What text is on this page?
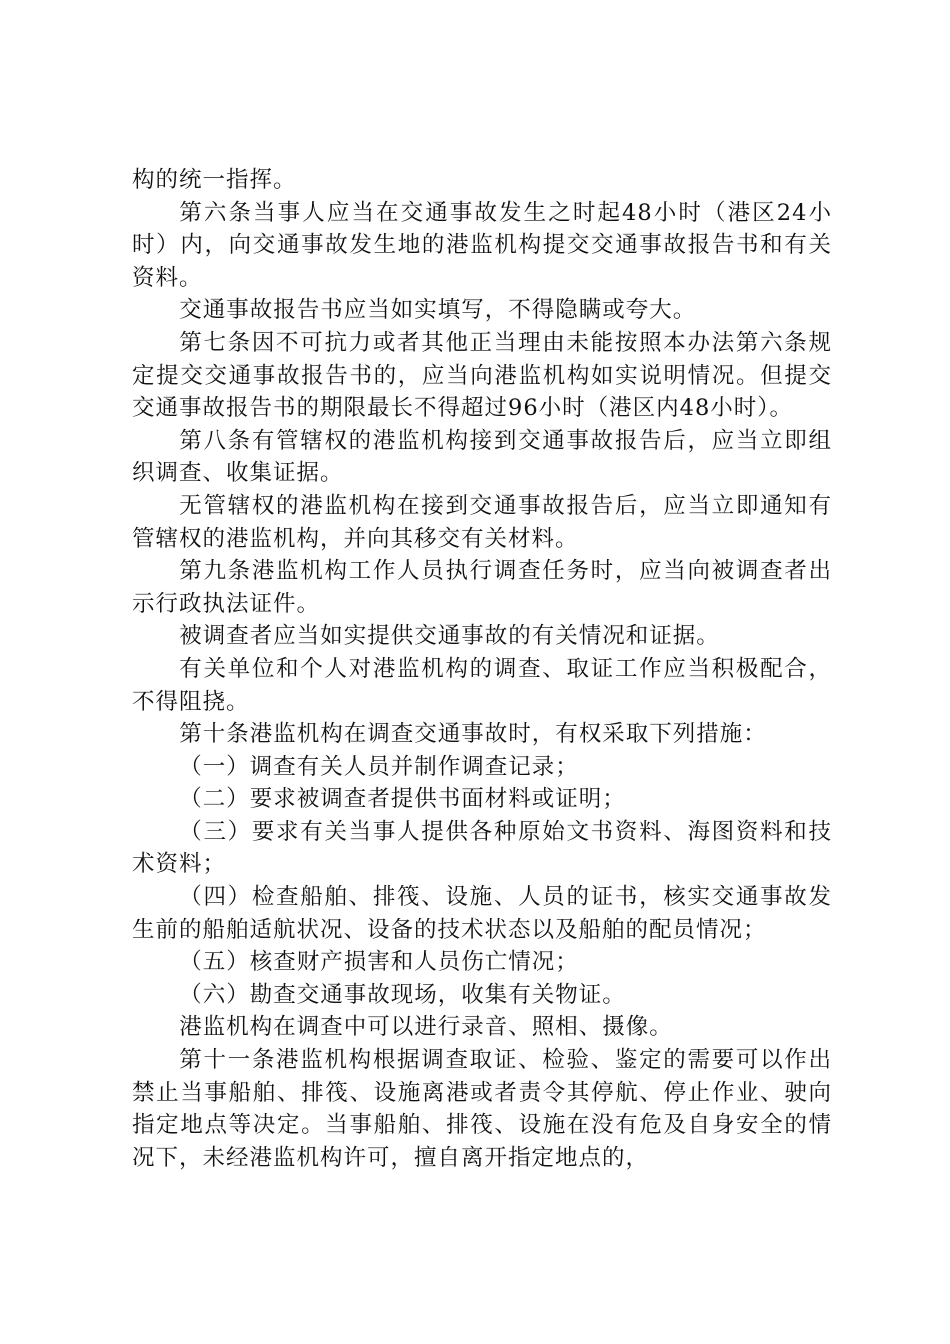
构的统一指挥。

第六条当事人应当在交通事故发生之时起48小时（港区24小时）内，向交通事故发生地的港监机构提交交通事故报告书和有关资料。

交通事故报告书应当如实填写，不得隐瞒或夸大。

第七条因不可抗力或者其他正当理由未能按照本办法第六条规定提交交通事故报告书的，应当向港监机构如实说明情况。但提交交通事故报告书的期限最长不得超过96小时（港区内48小时）。

第八条有管辖权的港监机构接到交通事故报告后，应当立即组织调查、收集证据。

无管辖权的港监机构在接到交通事故报告后，应当立即通知有管辖权的港监机构，并向其移交有关材料。

第九条港监机构工作人员执行调查任务时，应当向被调查者出示行政执法证件。

被调查者应当如实提供交通事故的有关情况和证据。

有关单位和个人对港监机构的调查、取证工作应当积极配合，不得阻挠。

第十条港监机构在调查交通事故时，有权采取下列措施：

（一）调查有关人员并制作调查记录；

（二）要求被调查者提供书面材料或证明；

（三）要求有关当事人提供各种原始文书资料、海图资料和技术资料；

（四）检查船舶、排筏、设施、人员的证书，核实交通事故发生前的船舶适航状况、设备的技术状态以及船舶的配员情况；

（五）核查财产损害和人员伤亡情况；

（六）勘查交通事故现场，收集有关物证。

港监机构在调查中可以进行录音、照相、摄像。

第十一条港监机构根据调查取证、检验、鉴定的需要可以作出禁止当事船舶、排筏、设施离港或者责令其停航、停止作业、驶向指定地点等决定。当事船舶、排筏、设施在没有危及自身安全的情况下，未经港监机构许可，擅自离开指定地点的，
